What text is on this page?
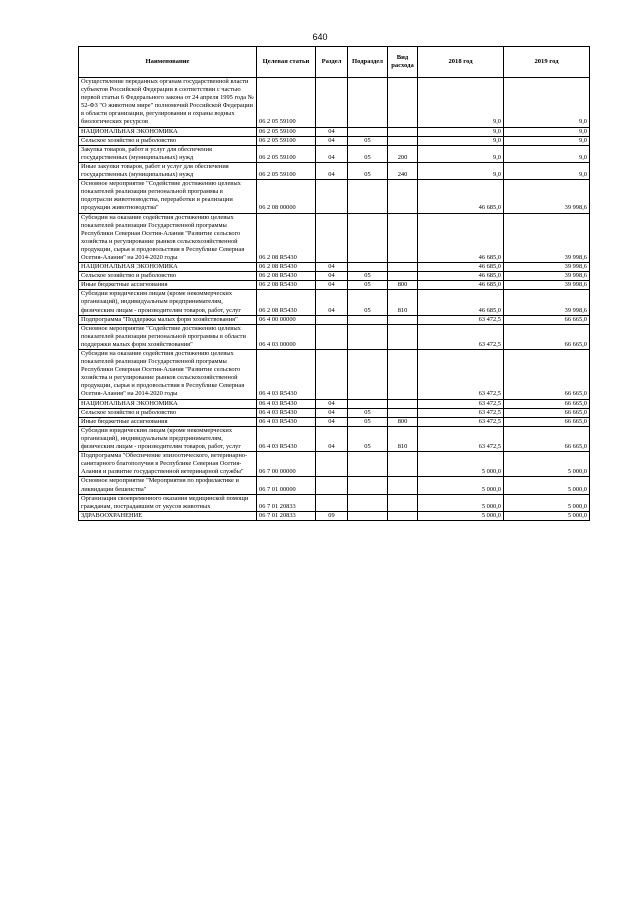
640
Наименование	Целевая статьи	Раздел	Подраздел	Вид расхода	2018 год	2019 год
Осуществление переданных органам государственной власти субъектов Российской Федерации в соответствии с частью первой статьи 6 Федерального закона от 24 апреля 1995 года № 52-ФЗ "О животном мире" полномочий Российской Федерации в области организации, регулирования и охраны водных биологических ресурсов	06 2 05 59100				9,0	9,0
НАЦИОНАЛЬНАЯ ЭКОНОМИКА	06 2 05 59100	04			9,0	9,0
Сельское хозяйство и рыболовство	06 2 05 59100	04	05		9,0	9,0
Закупка товаров, работ и услуг для обеспечения государственных (муниципальных) нужд	06 2 05 59100	04	05	200	9,0	9,0
Иные закупки товаров, работ и услуг для обеспечения государственных (муниципальных) нужд	06 2 05 59100	04	05	240	9,0	9,0
Основное мероприятие "Содействие достижению целевых показателей реализации региональной программы в подотрасли животноводства, переработки и реализации продукции животноводства"	06 2 08 00000				46 685,0	39 998,6
Субсидии на оказание содействия достижению целевых показателей реализации Государственной программы Республики Северная Осетия-Алания "Развитие сельского хозяйства и регулирование рынков сельскохозяйственной продукции, сырья и продовольствия в Республике Северная Осетия-Алания" на 2014-2020 годы	06 2 08 R5430				46 685,0	39 998,6
НАЦИОНАЛЬНАЯ ЭКОНОМИКА	06 2 08 R5430	04			46 685,0	39 998,6
Сельское хозяйство и рыболовство	06 2 08 R5430	04	05		46 685,0	39 998,6
Иные бюджетные ассигнования	06 2 08 R5430	04	05	800	46 685,0	39 998,6
Субсидии юридическим лицам (кроме некоммерческих организаций), индивидуальным предпринимателям, физическим лицам - производителям товаров, работ, услуг	06 2 08 R5430	04	05	810	46 685,0	39 998,6
Подпрограмма "Поддержка малых форм хозяйствования"	06 4 00 00000				63 472,5	66 665,0
Основное мероприятие "Содействие достижению целевых показателей реализации региональной программы в области поддержки малых форм хозяйствования"	06 4 03 00000				63 472,5	66 665,0
Субсидии на оказание содействия достижению целевых показателей реализации Государственной программы Республики Северная Осетия-Алания "Развитие сельского хозяйства и регулирование рынков сельскохозяйственной продукции, сырья и продовольствия в Республике Северная Осетия-Алания" на 2014-2020 годы	06 4 03 R5430				63 472,5	66 665,0
НАЦИОНАЛЬНАЯ ЭКОНОМИКА	06 4 03 R5430	04			63 472,5	66 665,0
Сельское хозяйство и рыболовство	06 4 03 R5430	04	05		63 472,5	66 665,0
Иные бюджетные ассигнования	06 4 03 R5430	04	05	800	63 472,5	66 665,0
Субсидии юридическим лицам (кроме некоммерческих организаций), индивидуальным предпринимателям, физическим лицам - производителям товаров, работ, услуг	06 4 03 R5430	04	05	810	63 472,5	66 665,0
Подпрограмма "Обеспечение эпизоотического, ветеринарно-санитарного благополучия в Республике Северная Осетия-Алания и развитие государственной ветеринарной службы"	06 7 00 00000				5 000,0	5 000,0
Основное мероприятие "Мероприятия по профилактике и ликвидации бешенства"	06 7 01 00000				5 000,0	5 000,0
Организация своевременного оказания медицинской помощи гражданам, пострадавшим от укусов животных	06 7 01 20833				5 000,0	5 000,0
ЗДРАВООХРАНЕНИЕ	06 7 01 20833	09			5 000,0	5 000,0
